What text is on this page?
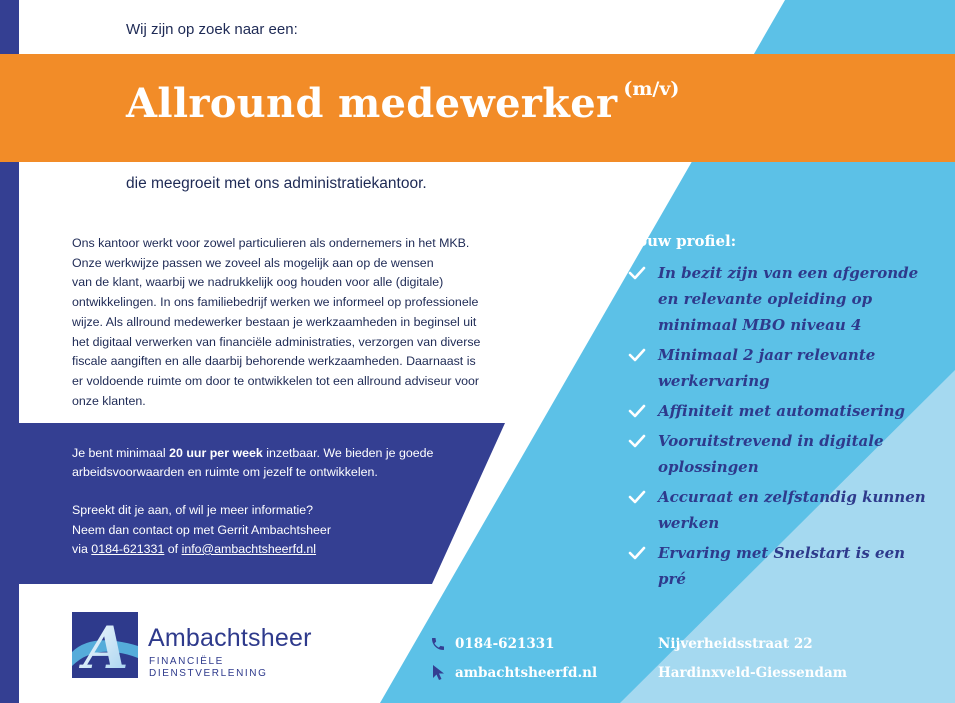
Wij zijn op zoek naar een:
Allround medewerker $^{(m/v)}$
die meegroeit met ons administratiekantoor.

Ons kantoor werkt voor zowel particulieren als ondernemers in het MKB.

Onze werkwijze passen we zoveel als mogelijk aan op de wensen

van de klant, waarbij we nadrukkelijk oog houden voor alle (digitale)

ontwikkelingen. In ons familiebedrijf werken we informeel op professionele

wijze. Als allround medewerker bestaan je werkzaamheden in beginsel uit

het digitaal verwerken van financiële administraties, verzorgen van diverse

fiscale aangiften en alle daarbij behorende werkzaamheden. Daarnaast is

er voldoende ruimte om door te ontwikkelen tot een allround adviseur voor

onze klanten.

Je bent minimaal 20 uur per week inzetbaar. We bieden je goede

arbeidsvoorwaarden en ruimte om jezelf te ontwikkelen.

Spreekt dit je aan, of wil je meer informatie?

Neem dan contact op met Gerrit Ambachtsheer

via 0184-621331 of info@ambachtsheerfd.nl

Jouw profiel:
In bezit zijn van een afgeronde en relevante opleiding op minimaal MBO niveau 4
Minimaal 2 jaar relevante werkervaring
Affiniteit met automatisering
Vooruitstrevend in digitale oplossingen
Accuraat en zelfstandig kunnen werken
Ervaring met Snelstart is een pré
A Ambachtsheer
FINANCIËLE
DIENSTVERLENING
0184-621331
ambachtsheerfd.nl
Nijverheidsstraat 22
Hardinxveld-Giessendam
